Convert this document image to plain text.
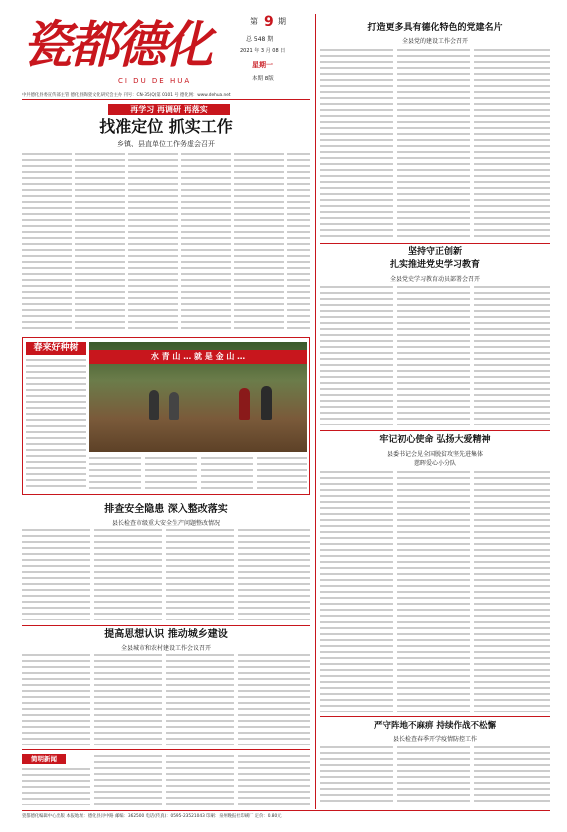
瓷都德化
CI DU DE HUA
第 9 期
总 548 期
2021 年 3 月 08 日
星期一
本期 8版
中共德化县委宣传部主管 德化县陶瓷文化研究会主办 刊号：CN-35(Q)第 0101 号 德化网：www.dehua.net
再学习 再调研 再落实
找准定位 抓实工作
乡镇、县直单位工作务虚会召开
春来好种树
水 青 山 … 就 是 金 山 …
排查安全隐患 深入整改落实
县长检查市级重大安全生产问题整改情况
提高思想认识 推动城乡建设
全县城市和农村建设工作会议召开
简明新闻
打造更多具有德化特色的党建名片
全县党的建设工作会召开
坚持守正创新
扎实推进党史学习教育
全县党史学习教育动员部署会召开
牢记初心使命 弘扬大爱精神
县委书记会见全国脱贫攻坚先进集体
慈晖爱心小分队
严守阵地不麻痹 持续作战不松懈
县长检查春季开学疫情防控工作
瓷都德化编辑中心出版 本报地址：德化县浔中路 邮编：362500 电话(传真)：0595-23521043 印刷：泉州晚报社印刷厂 定价：0.80元
